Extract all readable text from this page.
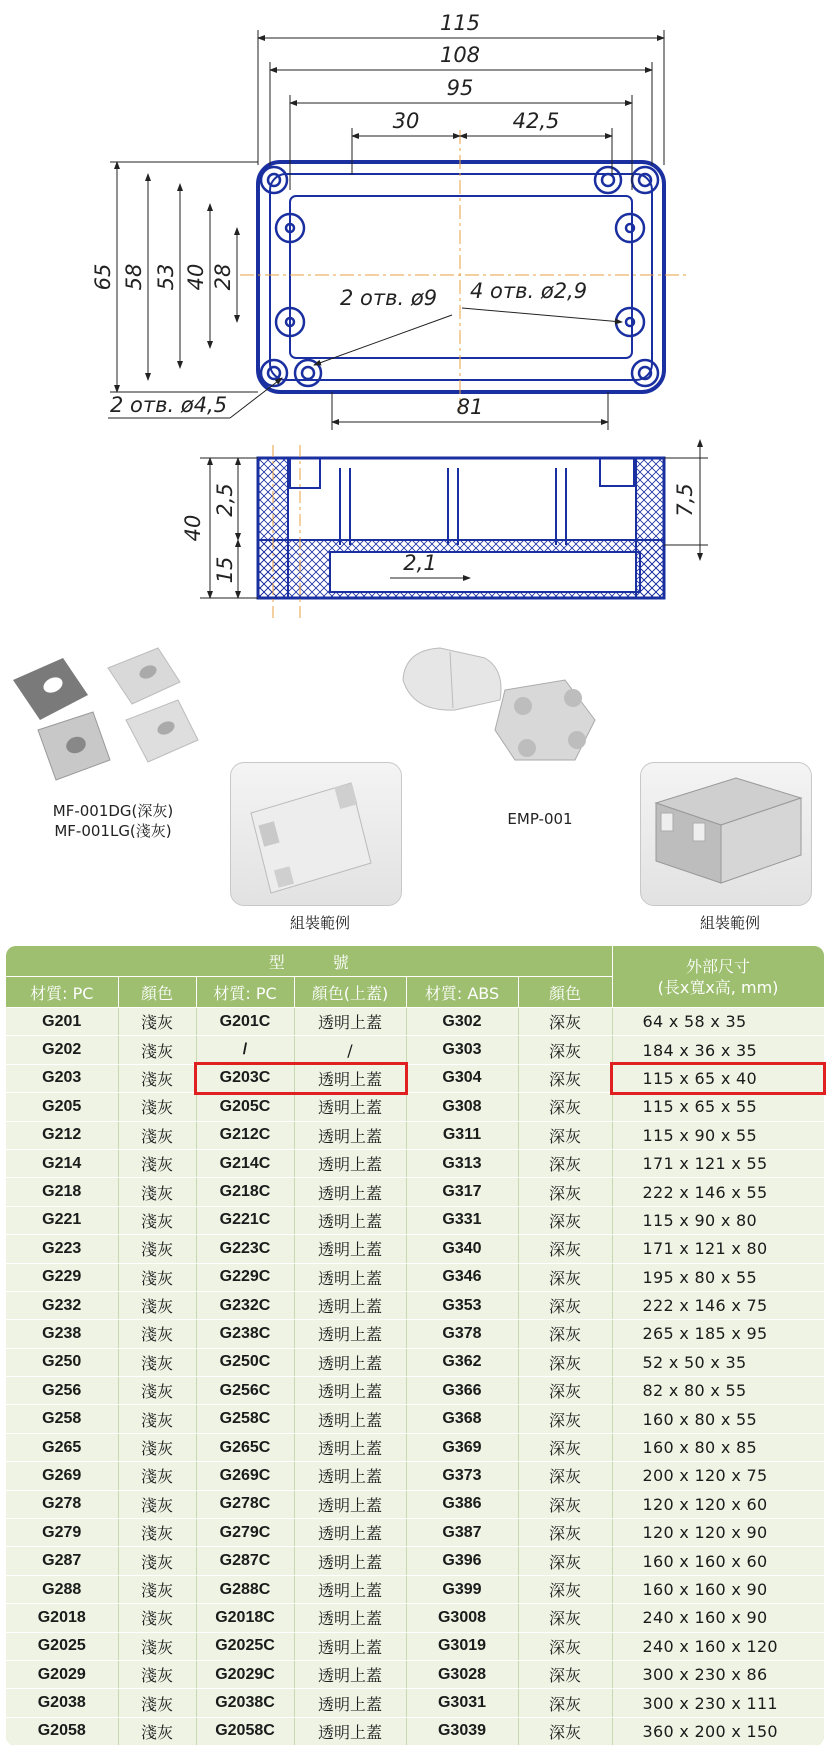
115
108
95
30	42,5
65 58 53 40 28
2 отв. ø9 4 отв. ø2,9
2 отв. ø4,5	81
40
2,5
15	2,1
7,5
MF-001DG(深灰)
MF-001LG(淺灰)
組裝範例
EMP-001
組裝範例
型　　　號						外部尺寸
(長x寬x高, mm)

材質: PC	顏色	材質: PC	顏色(上蓋)	材質: ABS	顏色	
G201	淺灰	G201C	透明上蓋	G302	深灰	64 x 58 x 35
G202	淺灰	/	/	G303	深灰	184 x 36 x 35
G203	淺灰	G203C	透明上蓋	G304	深灰	115 x 65 x 40
G205	淺灰	G205C	透明上蓋	G308	深灰	115 x 65 x 55
G212	淺灰	G212C	透明上蓋	G311	深灰	115 x 90 x 55
G214	淺灰	G214C	透明上蓋	G313	深灰	171 x 121 x 55
G218	淺灰	G218C	透明上蓋	G317	深灰	222 x 146 x 55
G221	淺灰	G221C	透明上蓋	G331	深灰	115 x 90 x 80
G223	淺灰	G223C	透明上蓋	G340	深灰	171 x 121 x 80
G229	淺灰	G229C	透明上蓋	G346	深灰	195 x 80 x 55
G232	淺灰	G232C	透明上蓋	G353	深灰	222 x 146 x 75
G238	淺灰	G238C	透明上蓋	G378	深灰	265 x 185 x 95
G250	淺灰	G250C	透明上蓋	G362	深灰	52 x 50 x 35
G256	淺灰	G256C	透明上蓋	G366	深灰	82 x 80 x 55
G258	淺灰	G258C	透明上蓋	G368	深灰	160 x 80 x 55
G265	淺灰	G265C	透明上蓋	G369	深灰	160 x 80 x 85
G269	淺灰	G269C	透明上蓋	G373	深灰	200 x 120 x 75
G278	淺灰	G278C	透明上蓋	G386	深灰	120 x 120 x 60
G279	淺灰	G279C	透明上蓋	G387	深灰	120 x 120 x 90
G287	淺灰	G287C	透明上蓋	G396	深灰	160 x 160 x 60
G288	淺灰	G288C	透明上蓋	G399	深灰	160 x 160 x 90
G2018	淺灰	G2018C	透明上蓋	G3008	深灰	240 x 160 x 90
G2025	淺灰	G2025C	透明上蓋	G3019	深灰	240 x 160 x 120
G2029	淺灰	G2029C	透明上蓋	G3028	深灰	300 x 230 x 86
G2038	淺灰	G2038C	透明上蓋	G3031	深灰	300 x 230 x 111
G2058	淺灰	G2058C	透明上蓋	G3039	深灰	360 x 200 x 150
